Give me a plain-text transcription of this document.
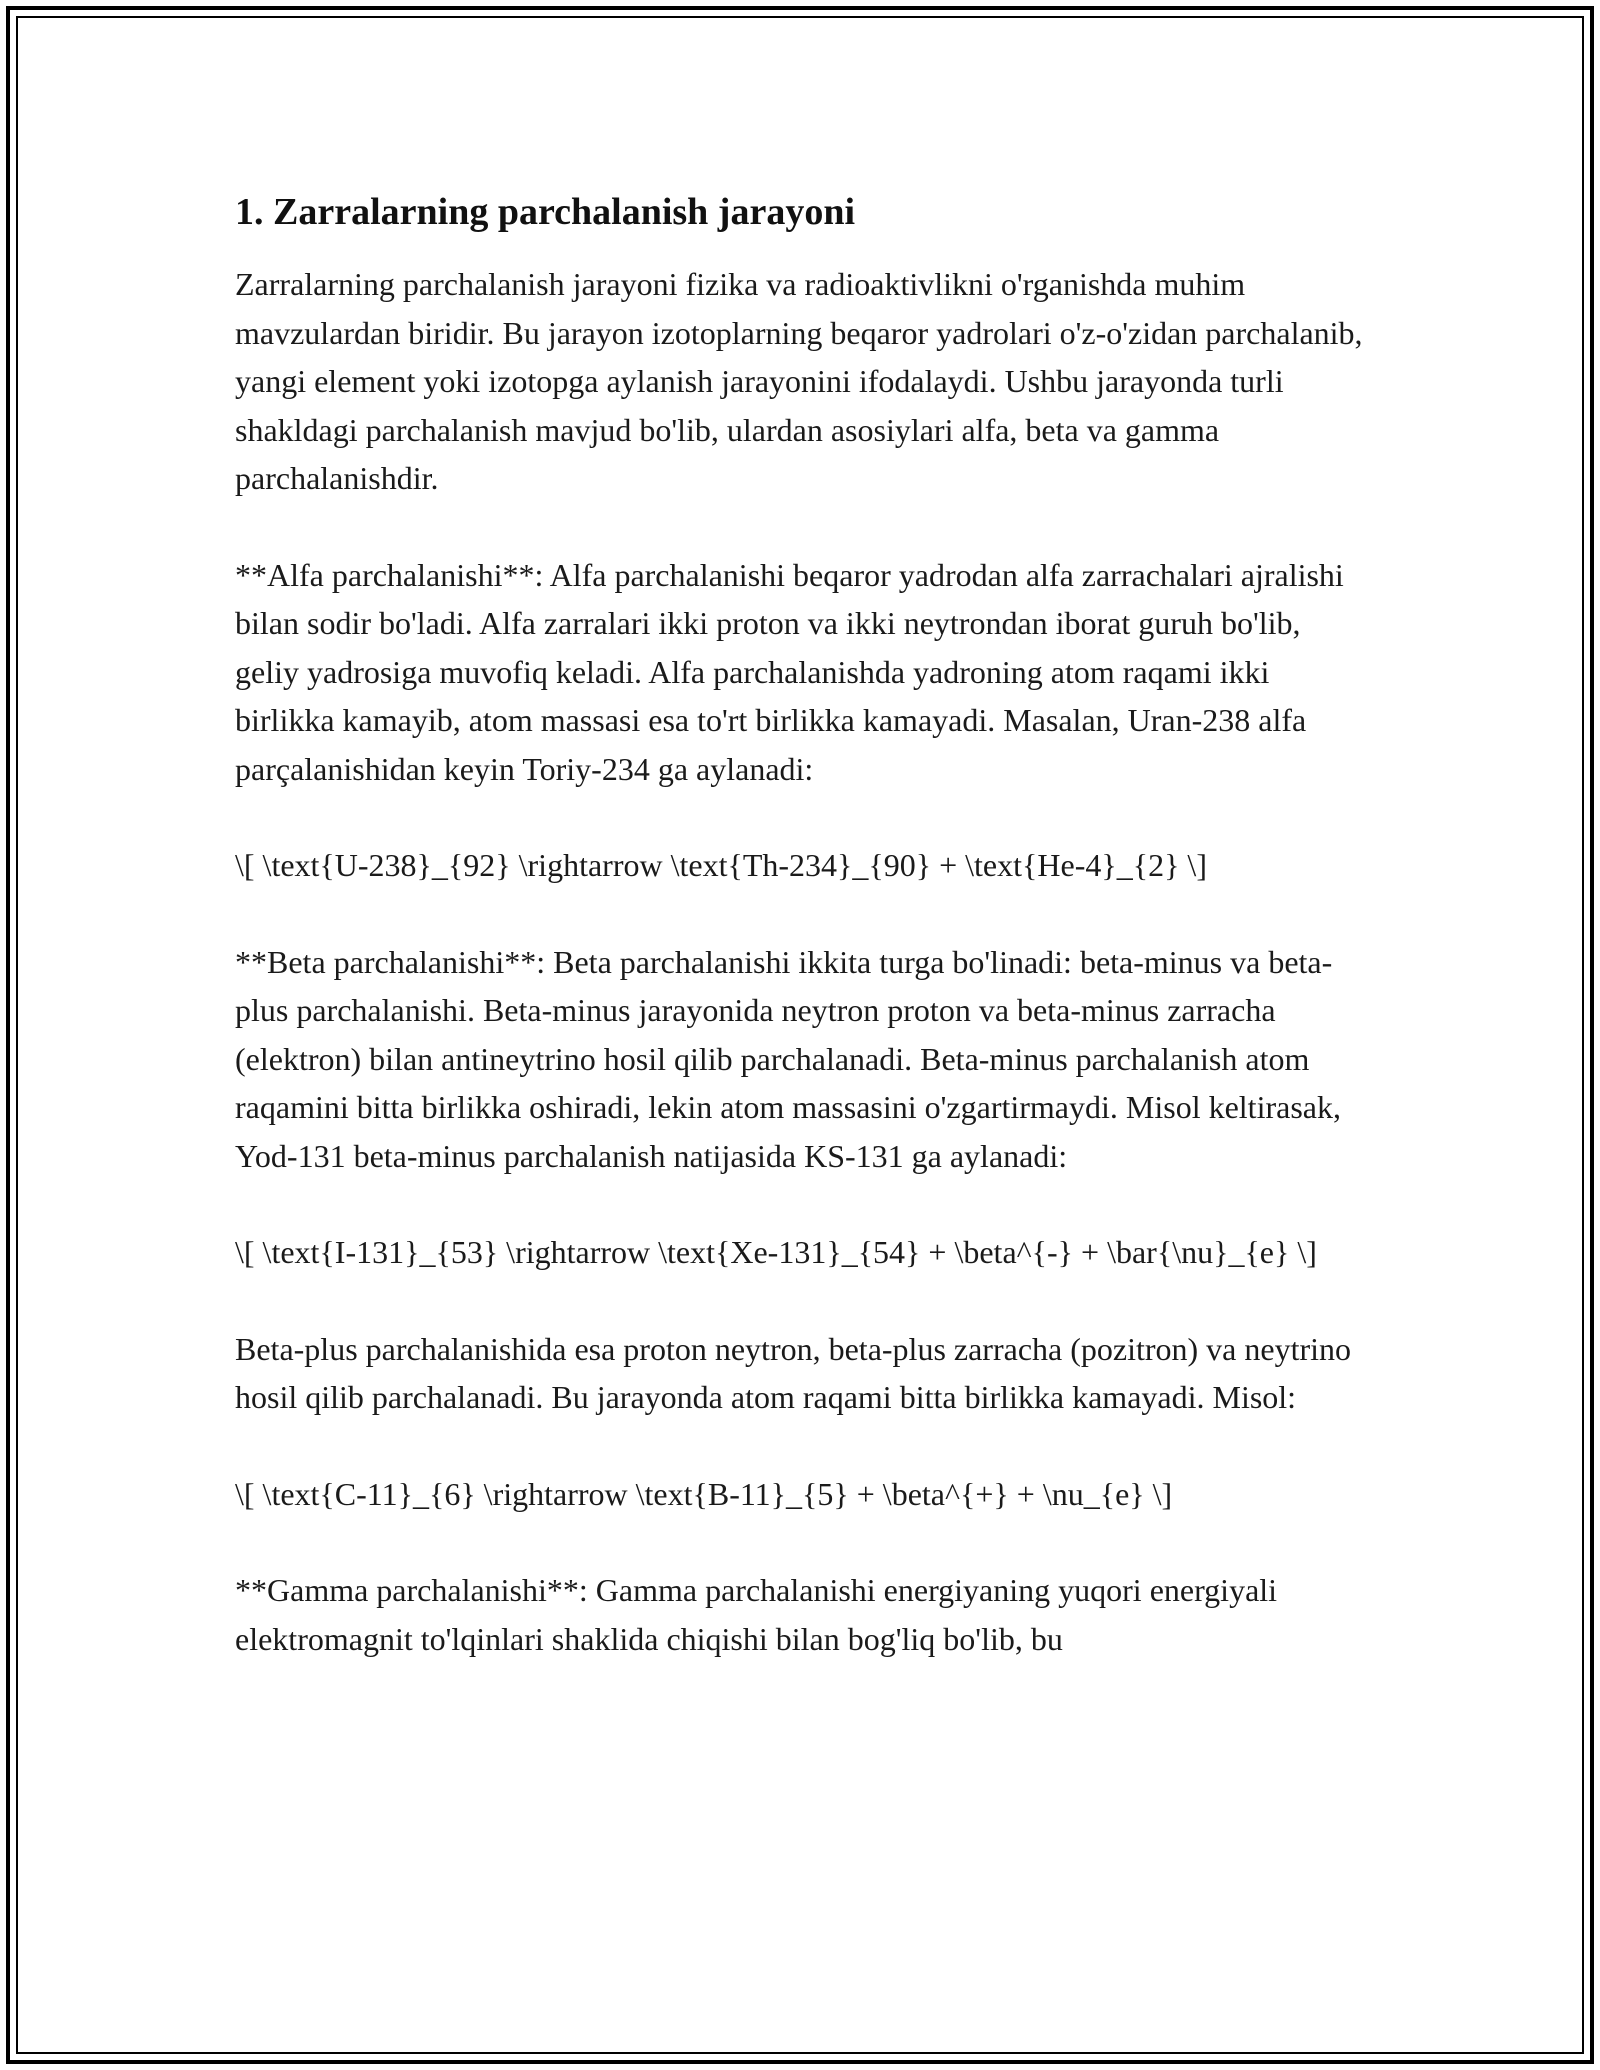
1. Zarralarning parchalanish jarayoni

Zarralarning parchalanish jarayoni fizika va radioaktivlikni o'rganishda muhim mavzulardan biridir. Bu jarayon izotoplarning beqaror yadrolari o'z-o'zidan parchalanib, yangi element yoki izotopga aylanish jarayonini ifodalaydi. Ushbu jarayonda turli shakldagi parchalanish mavjud bo'lib, ulardan asosiylari alfa, beta va gamma parchalanishdir.

**Alfa parchalanishi**: Alfa parchalanishi beqaror yadrodan alfa zarrachalari ajralishi bilan sodir bo'ladi. Alfa zarralari ikki proton va ikki neytrondan iborat guruh bo'lib, geliy yadrosiga muvofiq keladi. Alfa parchalanishda yadroning atom raqami ikki birlikka kamayib, atom massasi esa to'rt birlikka kamayadi. Masalan, Uran-238 alfa parçalanishidan keyin Toriy-234 ga aylanadi:

\[ \text{U-238}_{92} \rightarrow \text{Th-234}_{90} + \text{He-4}_{2} \]

**Beta parchalanishi**: Beta parchalanishi ikkita turga bo'linadi: beta-minus va beta-plus parchalanishi. Beta-minus jarayonida neytron proton va beta-minus zarracha (elektron) bilan antineytrino hosil qilib parchalanadi. Beta-minus parchalanish atom raqamini bitta birlikka oshiradi, lekin atom massasini o'zgartirmaydi. Misol keltirasak, Yod-131 beta-minus parchalanish natijasida KS-131 ga aylanadi:

\[ \text{I-131}_{53} \rightarrow \text{Xe-131}_{54} + \beta^{-} + \bar{\nu}_{e} \]

Beta-plus parchalanishida esa proton neytron, beta-plus zarracha (pozitron) va neytrino hosil qilib parchalanadi. Bu jarayonda atom raqami bitta birlikka kamayadi. Misol:

\[ \text{C-11}_{6} \rightarrow \text{B-11}_{5} + \beta^{+} + \nu_{e} \]

**Gamma parchalanishi**: Gamma parchalanishi energiyaning yuqori energiyali elektromagnit to'lqinlari shaklida chiqishi bilan bog'liq bo'lib, bu
